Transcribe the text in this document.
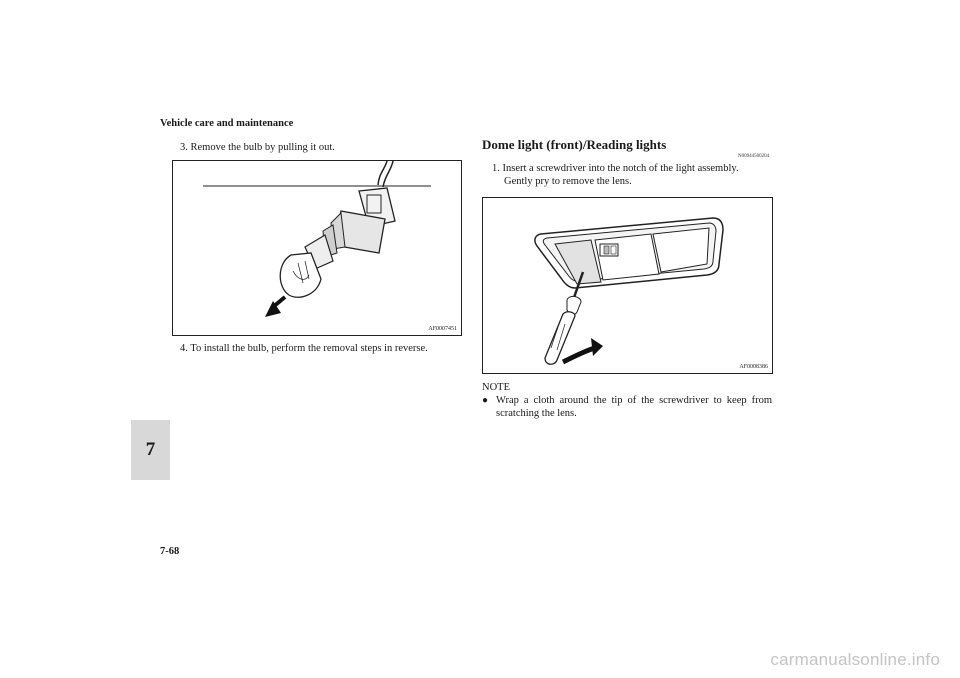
Vehicle care and maintenance
7
3. Remove the bulb by pulling it out.
AF0007451
4. To install the bulb, perform the removal steps in reverse.
Dome light (front)/Reading lights
N00944500204
1. Insert a screwdriver into the notch of the light assembly.
Gently pry to remove the lens.
AF0008386
NOTE
● Wrap a cloth around the tip of the screwdriver to keep from scratching the lens.
7-68
carmanualsonline.info
